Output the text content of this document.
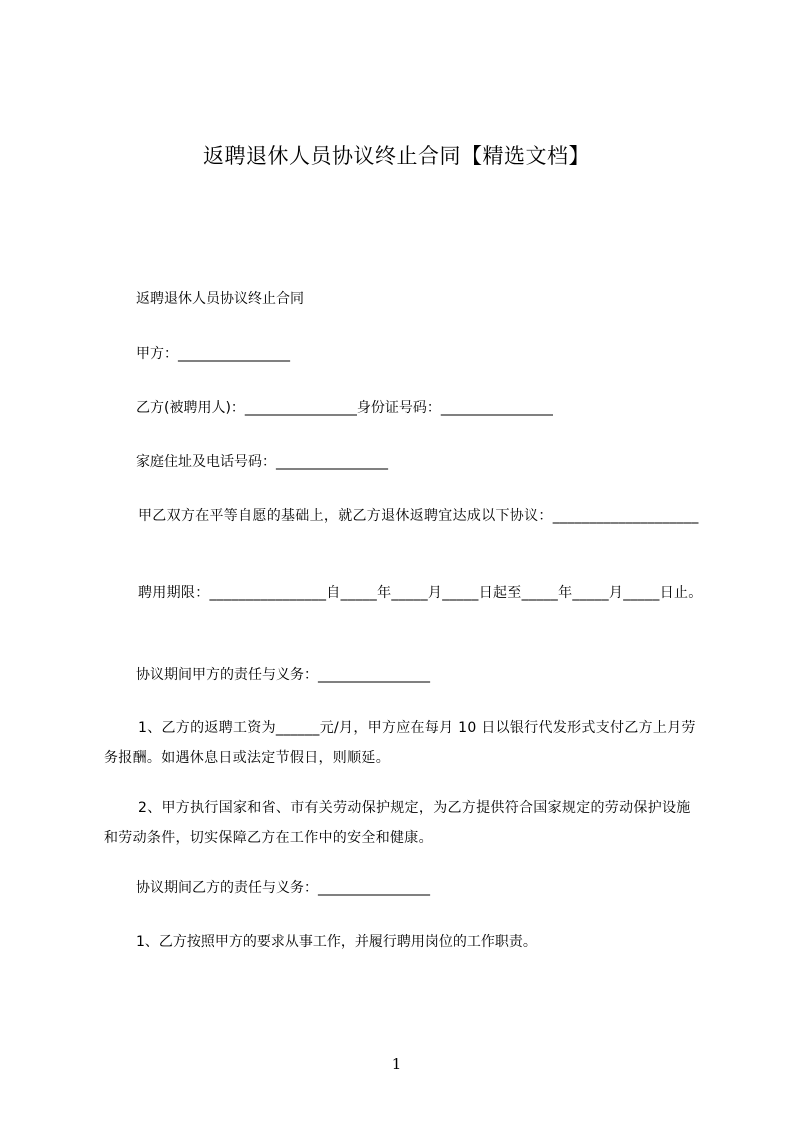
返聘退休人员协议终止合同【精选文档】
返聘退休人员协议终止合同
甲方：________________
乙方(被聘用人)：________________身份证号码：________________
家庭住址及电话号码：________________
甲乙双方在平等自愿的基础上，就乙方退休返聘宜达成以下协议：____________________
聘用期限：________________自_____年_____月_____日起至_____年_____月_____日止。
协议期间甲方的责任与义务：________________
1、乙方的返聘工资为______元/月，甲方应在每月 10 日以银行代发形式支付乙方上月劳务报酬。如遇休息日或法定节假日，则顺延。
2、甲方执行国家和省、市有关劳动保护规定，为乙方提供符合国家规定的劳动保护设施和劳动条件，切实保障乙方在工作中的安全和健康。
协议期间乙方的责任与义务：________________
1、乙方按照甲方的要求从事工作，并履行聘用岗位的工作职责。
1
